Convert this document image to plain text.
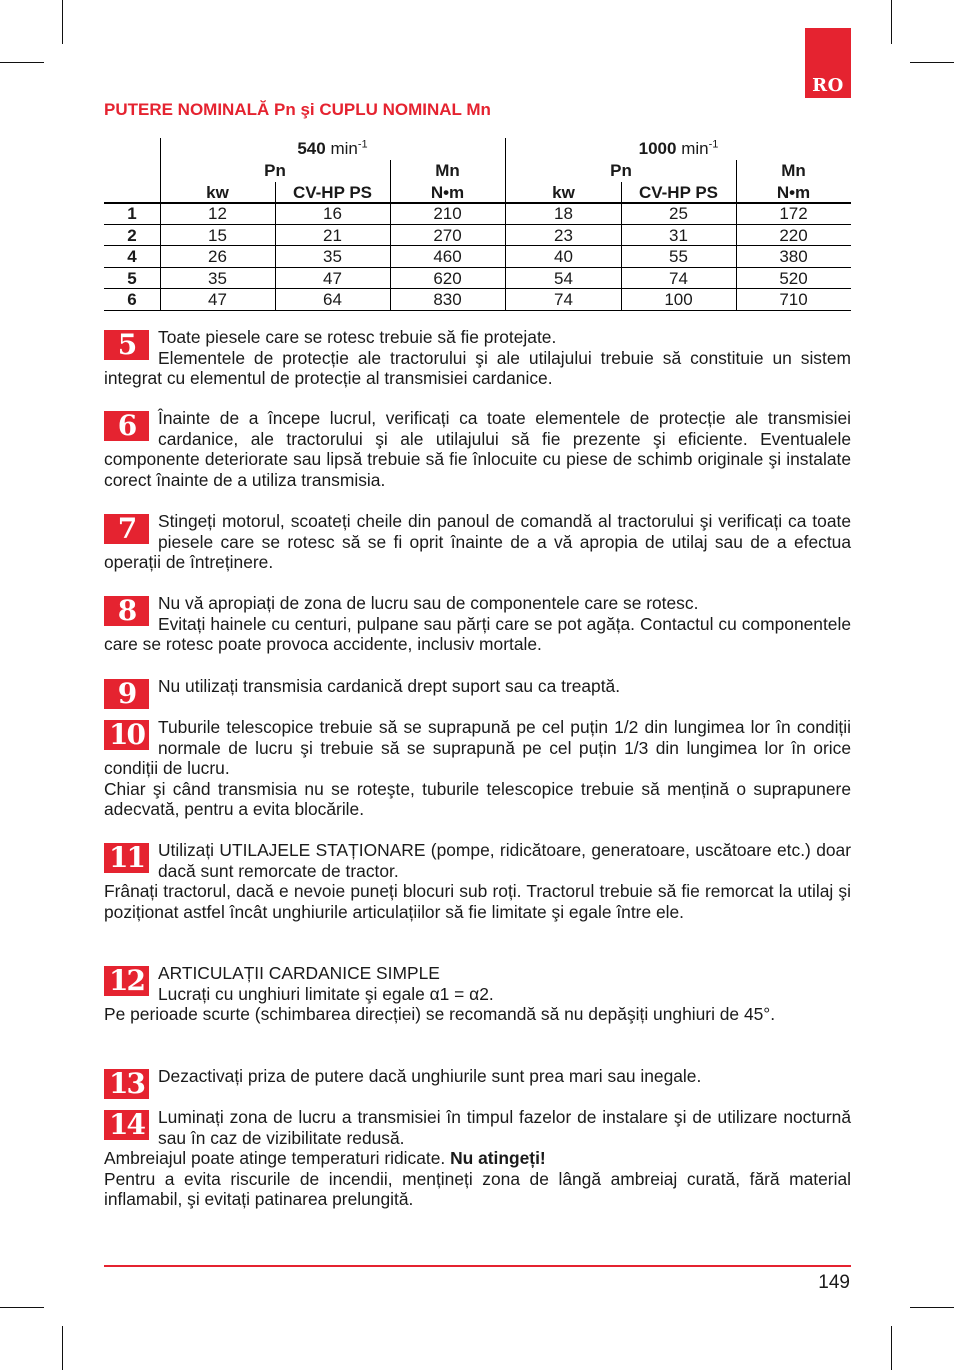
RO
PUTERE NOMINALĂ Pn şi CUPLU NOMINAL Mn
540 $\min^{-1}$	1000 $\min^{-1}$
Pn	Mn	Pn	Mn
kw	CV-HP PS	N•m	kw	CV-HP PS	N•m
1	12	16	210	18	25	172
2	15	21	270	23	31	220
4	26	35	460	40	55	380
5	35	47	620	54	74	520
6	47	64	830	74	100	710
5	Toate piesele care se rotesc trebuie să fie protejate.
Elementele de protecție ale tractorului şi ale utilajului trebuie să constituie un sistem integrat cu elementul de protecție al transmisiei cardanice.

6	Înainte de a începe lucrul, verificați ca toate elementele de protecție ale transmisiei cardanice, ale tractorului şi ale utilajului să fie prezente şi eficiente. Eventualele componente deteriorate sau lipsă trebuie să fie înlocuite cu piese de schimb originale şi instalate corect înainte de a utiliza transmisia.

7	Stingeți motorul, scoateți cheile din panoul de comandă al tractorului şi verificați ca toate piesele care se rotesc să se fi oprit înainte de a vă apropia de utilaj sau de a efectua operații de întreținere.

8	Nu vă apropiați de zona de lucru sau de componentele care se rotesc.
Evitați hainele cu centuri, pulpane sau părți care se pot agăța. Contactul cu componentele care se rotesc poate provoca accidente, inclusiv mortale.

9	Nu utilizați transmisia cardanică drept suport sau ca treaptă.

10 Tuburile telescopice trebuie să se suprapună pe cel puțin 1/2 din lungimea lor în condiții normale de lucru şi trebuie să se suprapună pe cel puțin 1/3 din lungimea lor în orice condiții de lucru.
Chiar şi când transmisia nu se roteşte, tuburile telescopice trebuie să mențină o suprapunere adecvată, pentru a evita blocările.

11 Utilizați UTILAJELE STAȚIONARE (pompe, ridicătoare, generatoare, uscătoare etc.) doar dacă sunt remorcate de tractor.
Frânați tractorul, dacă e nevoie puneți blocuri sub roți. Tractorul trebuie să fie remorcat la utilaj şi poziționat astfel încât unghiurile articulațiilor să fie limitate şi egale între ele.

12 ARTICULAȚII CARDANICE SIMPLE
Lucrați cu unghiuri limitate şi egale α1 = α2.
Pe perioade scurte (schimbarea direcției) se recomandă să nu depăşiți unghiuri de 45°.

13 Dezactivați priza de putere dacă unghiurile sunt prea mari sau inegale.

14 Luminați zona de lucru a transmisiei în timpul fazelor de instalare şi de utilizare nocturnă sau în caz de vizibilitate redusă.
Ambreiajul poate atinge temperaturi ridicate. Nu atingeți!
Pentru a evita riscurile de incendii, mențineți zona de lângă ambreiaj curată, fără material inflamabil, şi evitați patinarea prelungită.

149
